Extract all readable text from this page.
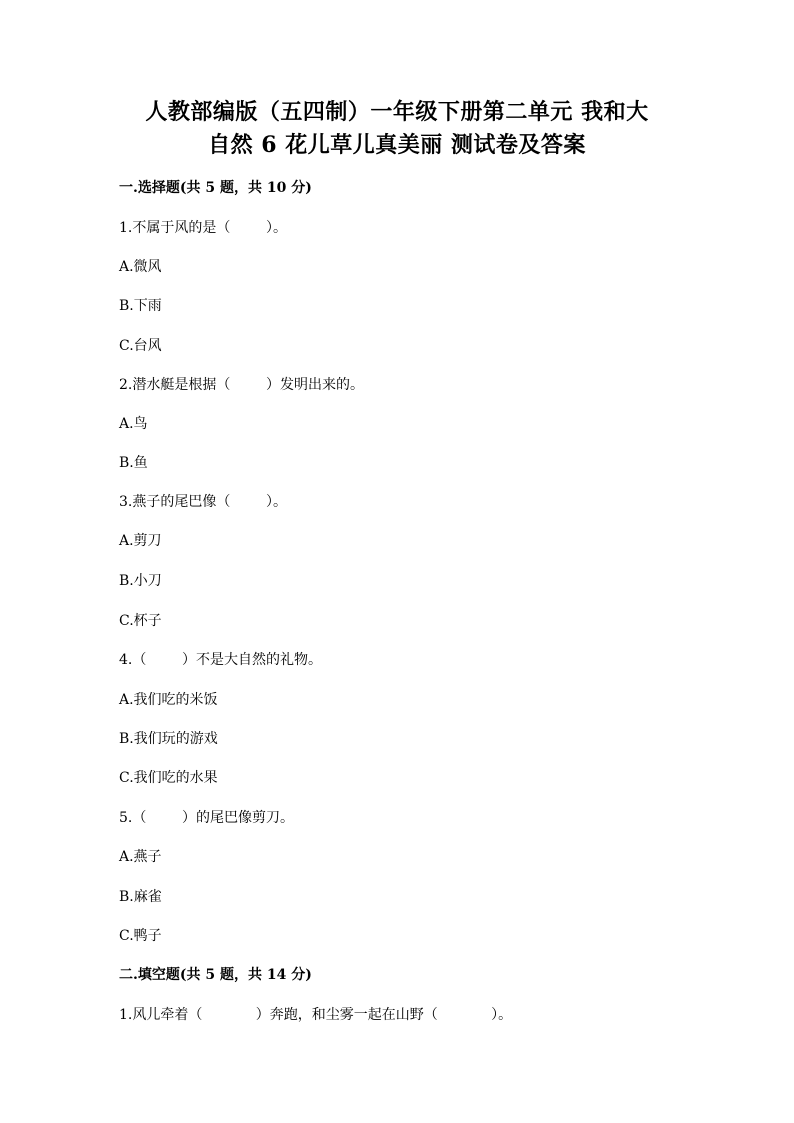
人教部编版（五四制）一年级下册第二单元 我和大
自然 6 花儿草儿真美丽 测试卷及答案
一.选择题(共 5 题，共 10 分)
1.不属于风的是（        ）。
A.微风
B.下雨
C.台风
2.潜水艇是根据（        ）发明出来的。
A.鸟
B.鱼
3.燕子的尾巴像（        ）。
A.剪刀
B.小刀
C.杯子
4.（        ）不是大自然的礼物。
A.我们吃的米饭
B.我们玩的游戏
C.我们吃的水果
5.（        ）的尾巴像剪刀。
A.燕子
B.麻雀
C.鸭子
二.填空题(共 5 题，共 14 分)
1.风儿牵着（            ）奔跑，和尘雾一起在山野（            ）。
